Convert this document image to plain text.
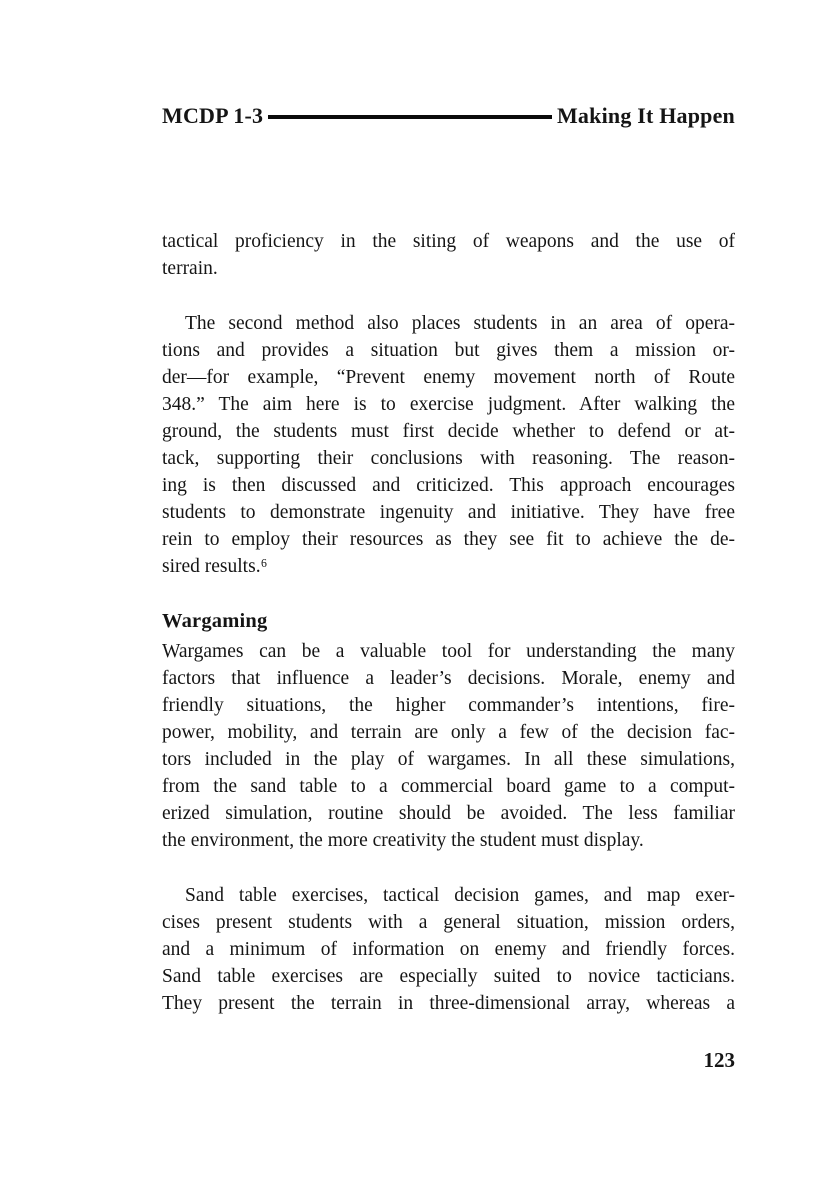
MCDP 1-3	Making It Happen
tactical proficiency in the siting of weapons and the use of
terrain.
The second method also places students in an area of opera-
tions and provides a situation but gives them a mission or-
der—for example, “Prevent enemy movement north of Route
348.” The aim here is to exercise judgment. After walking the
ground, the students must first decide whether to defend or at-
tack, supporting their conclusions with reasoning. The reason-
ing is then discussed and criticized. This approach encourages
students to demonstrate ingenuity and initiative. They have free
rein to employ their resources as they see fit to achieve the de-
sired results.⁶
Wargaming
Wargames can be a valuable tool for understanding the many
factors that influence a leader’s decisions. Morale, enemy and
friendly situations, the higher commander’s intentions, fire-
power, mobility, and terrain are only a few of the decision fac-
tors included in the play of wargames. In all these simulations,
from the sand table to a commercial board game to a comput-
erized simulation, routine should be avoided. The less familiar
the environment, the more creativity the student must display.
Sand table exercises, tactical decision games, and map exer-
cises present students with a general situation, mission orders,
and a minimum of information on enemy and friendly forces.
Sand table exercises are especially suited to novice tacticians.
They present the terrain in three-dimensional array, whereas a
123
